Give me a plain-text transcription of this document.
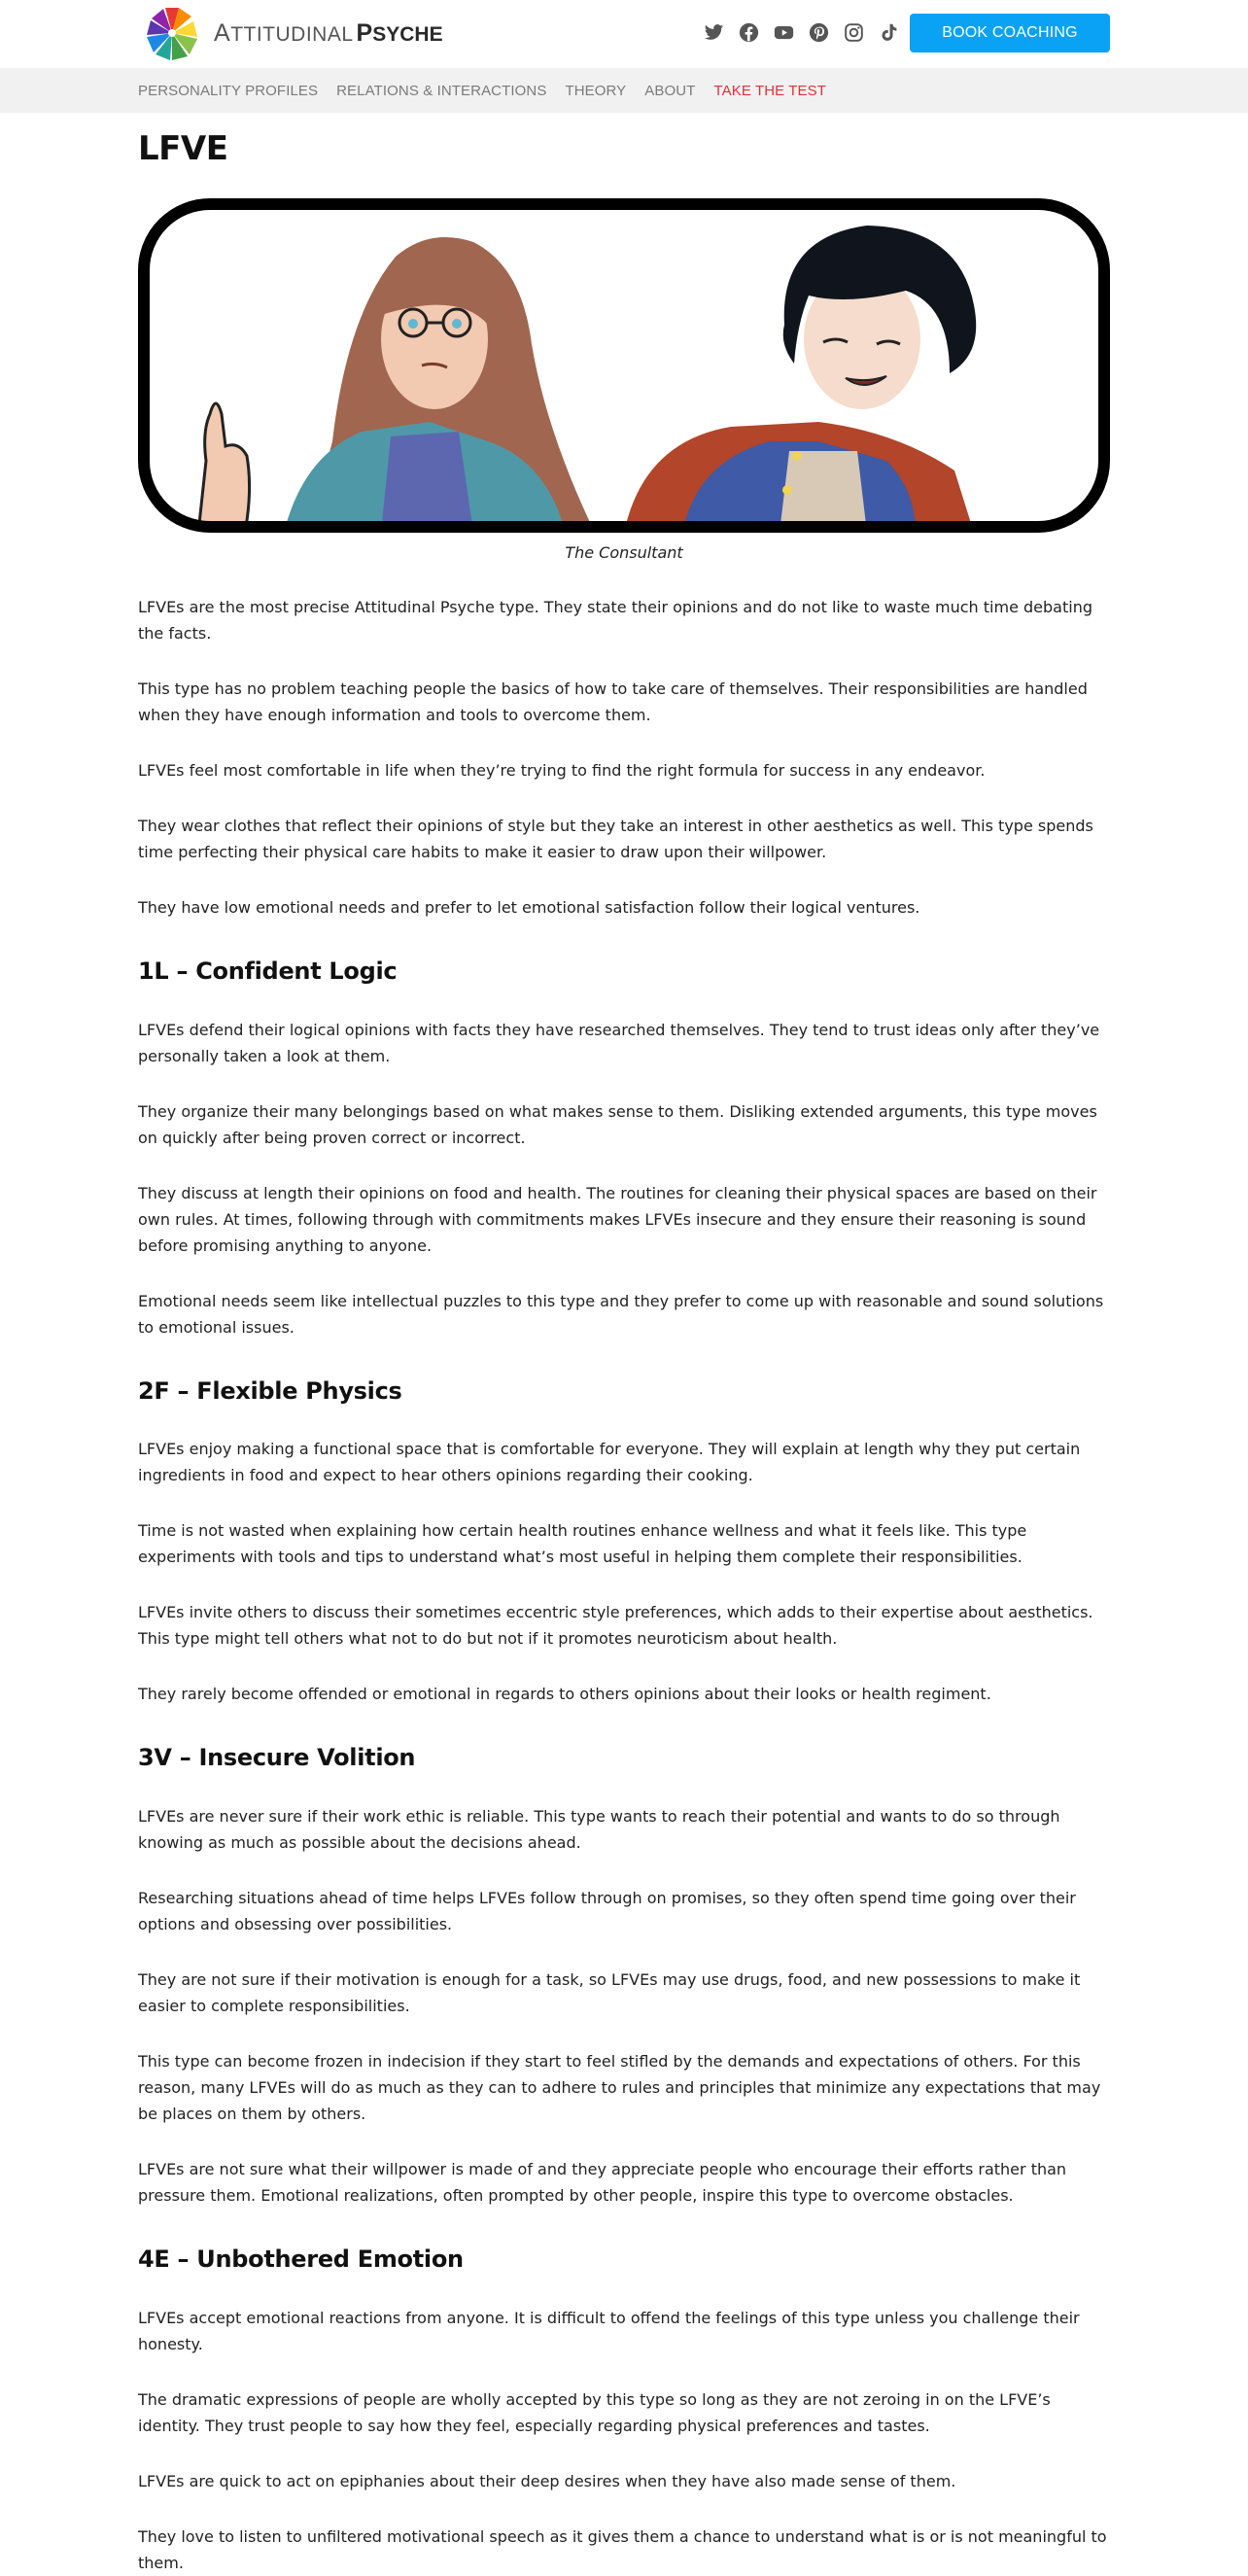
A TTITUDINAL P SYCHE	BOOK COACHING
PERSONALITY PROFILES RELATIONS & INTERACTIONS THEORY ABOUT TAKE THE TEST
LFVE
The Consultant

LFVEs are the most precise Attitudinal Psyche type. They state their opinions and do not like to waste much time debating the facts.

This type has no problem teaching people the basics of how to take care of themselves. Their responsibilities are handled when they have enough information and tools to overcome them.

LFVEs feel most comfortable in life when they’re trying to find the right formula for success in any endeavor.

They wear clothes that reflect their opinions of style but they take an interest in other aesthetics as well. This type spends time perfecting their physical care habits to make it easier to draw upon their willpower.

They have low emotional needs and prefer to let emotional satisfaction follow their logical ventures.

1L – Confident Logic

LFVEs defend their logical opinions with facts they have researched themselves. They tend to trust ideas only after they’ve personally taken a look at them.

They organize their many belongings based on what makes sense to them. Disliking extended arguments, this type moves on quickly after being proven correct or incorrect.

They discuss at length their opinions on food and health. The routines for cleaning their physical spaces are based on their own rules. At times, following through with commitments makes LFVEs insecure and they ensure their reasoning is sound before promising anything to anyone.

Emotional needs seem like intellectual puzzles to this type and they prefer to come up with reasonable and sound solutions to emotional issues.

2F – Flexible Physics

LFVEs enjoy making a functional space that is comfortable for everyone. They will explain at length why they put certain ingredients in food and expect to hear others opinions regarding their cooking.

Time is not wasted when explaining how certain health routines enhance wellness and what it feels like. This type experiments with tools and tips to understand what’s most useful in helping them complete their responsibilities.

LFVEs invite others to discuss their sometimes eccentric style preferences, which adds to their expertise about aesthetics. This type might tell others what not to do but not if it promotes neuroticism about health.

They rarely become offended or emotional in regards to others opinions about their looks or health regiment.

3V – Insecure Volition

LFVEs are never sure if their work ethic is reliable. This type wants to reach their potential and wants to do so through knowing as much as possible about the decisions ahead.

Researching situations ahead of time helps LFVEs follow through on promises, so they often spend time going over their options and obsessing over possibilities.

They are not sure if their motivation is enough for a task, so LFVEs may use drugs, food, and new possessions to make it easier to complete responsibilities.

This type can become frozen in indecision if they start to feel stifled by the demands and expectations of others. For this reason, many LFVEs will do as much as they can to adhere to rules and principles that minimize any expectations that may be places on them by others.

LFVEs are not sure what their willpower is made of and they appreciate people who encourage their efforts rather than pressure them. Emotional realizations, often prompted by other people, inspire this type to overcome obstacles.

4E – Unbothered Emotion

LFVEs accept emotional reactions from anyone. It is difficult to offend the feelings of this type unless you challenge their honesty.

The dramatic expressions of people are wholly accepted by this type so long as they are not zeroing in on the LFVE’s identity. They trust people to say how they feel, especially regarding physical preferences and tastes.

LFVEs are quick to act on epiphanies about their deep desires when they have also made sense of them.

They love to listen to unfiltered motivational speech as it gives them a chance to understand what is or is not meaningful to them.
